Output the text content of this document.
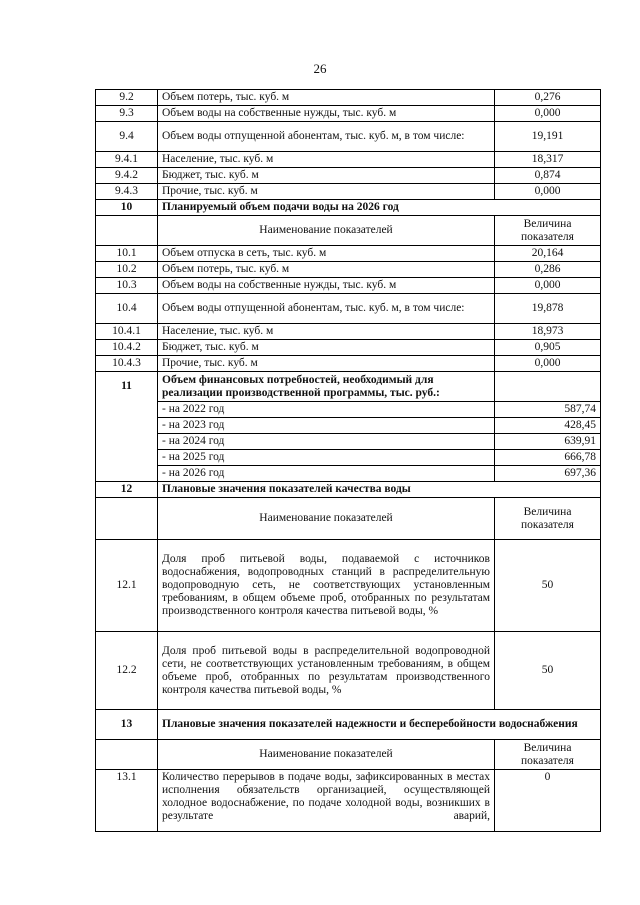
26
9.2	Объем потерь, тыс. куб. м	0,276
9.3	Объем воды на собственные нужды, тыс. куб. м	0,000
9.4	Объем воды отпущенной абонентам, тыс. куб. м, в том числе:	19,191
9.4.1	Население, тыс. куб. м	18,317
9.4.2	Бюджет, тыс. куб. м	0,874
9.4.3	Прочие, тыс. куб. м	0,000
10	Планируемый объем подачи воды на 2026 год	
	Наименование показателей	Величина показателя
10.1	Объем отпуска в сеть, тыс. куб. м	20,164
10.2	Объем потерь, тыс. куб. м	0,286
10.3	Объем воды на собственные нужды, тыс. куб. м	0,000
10.4	Объем воды отпущенной абонентам, тыс. куб. м, в том числе:	19,878
10.4.1	Население, тыс. куб. м	18,973
10.4.2	Бюджет, тыс. куб. м	0,905
10.4.3	Прочие, тыс. куб. м	0,000
11	Объем финансовых потребностей, необходимый для реализации производственной программы, тыс. руб.:	
	- на 2022 год	587,74
	- на 2023 год	428,45
	- на 2024 год	639,91
	- на 2025 год	666,78
	- на 2026 год	697,36
12	Плановые значения показателей качества воды	
	Наименование показателей	Величина показателя
12.1	Доля проб питьевой воды, подаваемой с источников водоснабжения, водопроводных станций в распределительную водопроводную сеть, не соответствующих установленным требованиям, в общем объеме проб, отобранных по результатам производственного контроля качества питьевой воды, %	50
12.2	Доля проб питьевой воды в распределительной водопроводной сети, не соответствующих установленным требованиям, в общем объеме проб, отобранных по результатам производственного контроля качества питьевой воды, %	50
13	Плановые значения показателей надежности и бесперебойности водоснабжения	
	Наименование показателей	Величина показателя
13.1	Количество перерывов в подаче воды, зафиксированных в местах исполнения обязательств организацией, осуществляющей холодное водоснабжение, по подаче холодной воды, возникших в результате аварий,	0
